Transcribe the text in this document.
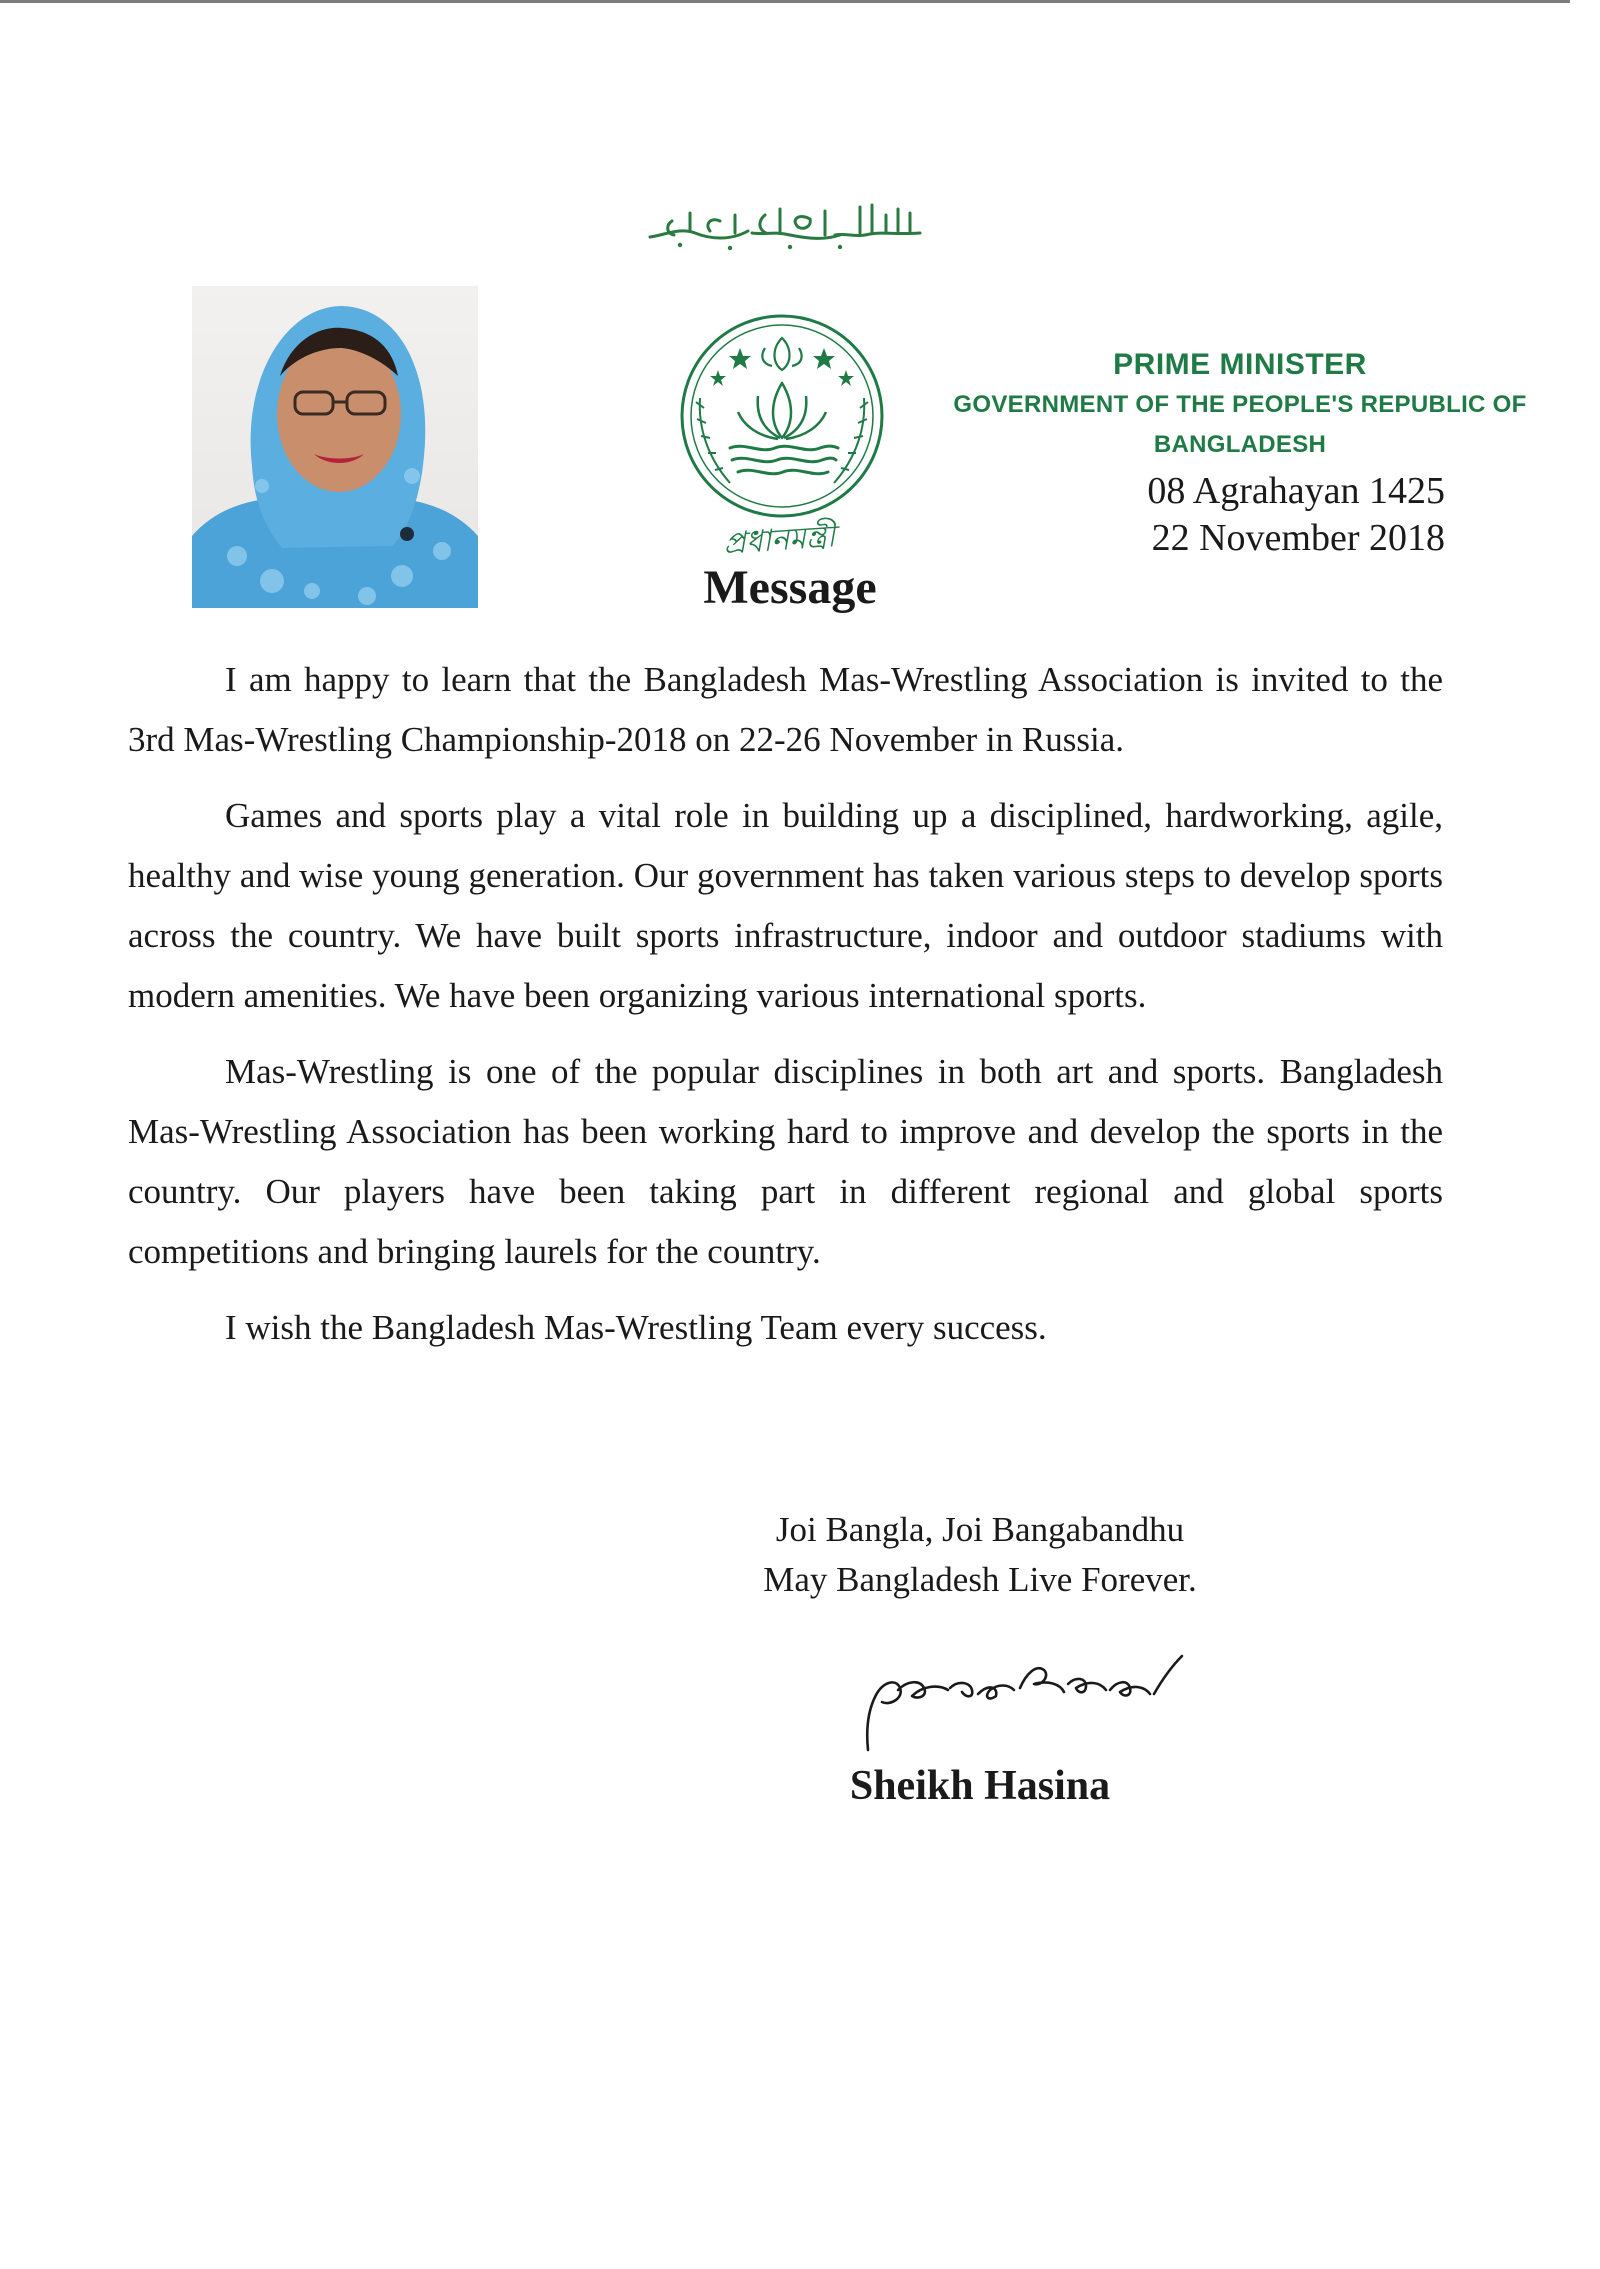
প্রধানমন্ত্রী
PRIME MINISTER
GOVERNMENT OF THE PEOPLE'S REPUBLIC OF
BANGLADESH
08 Agrahayan 1425
22 November 2018
Message

I am happy to learn that the Bangladesh Mas-Wrestling Association is invited to the 3rd Mas-Wrestling Championship-2018 on 22-26 November in Russia.

Games and sports play a vital role in building up a disciplined, hardworking, agile, healthy and wise young generation. Our government has taken various steps to develop sports across the country. We have built sports infrastructure, indoor and outdoor stadiums with modern amenities. We have been organizing various international sports.

Mas-Wrestling is one of the popular disciplines in both art and sports. Bangladesh Mas-Wrestling Association has been working hard to improve and develop the sports in the country. Our players have been taking part in different regional and global sports competitions and bringing laurels for the country.

I wish the Bangladesh Mas-Wrestling Team every success.

Joi Bangla, Joi Bangabandhu
May Bangladesh Live Forever.
Sheikh Hasina
